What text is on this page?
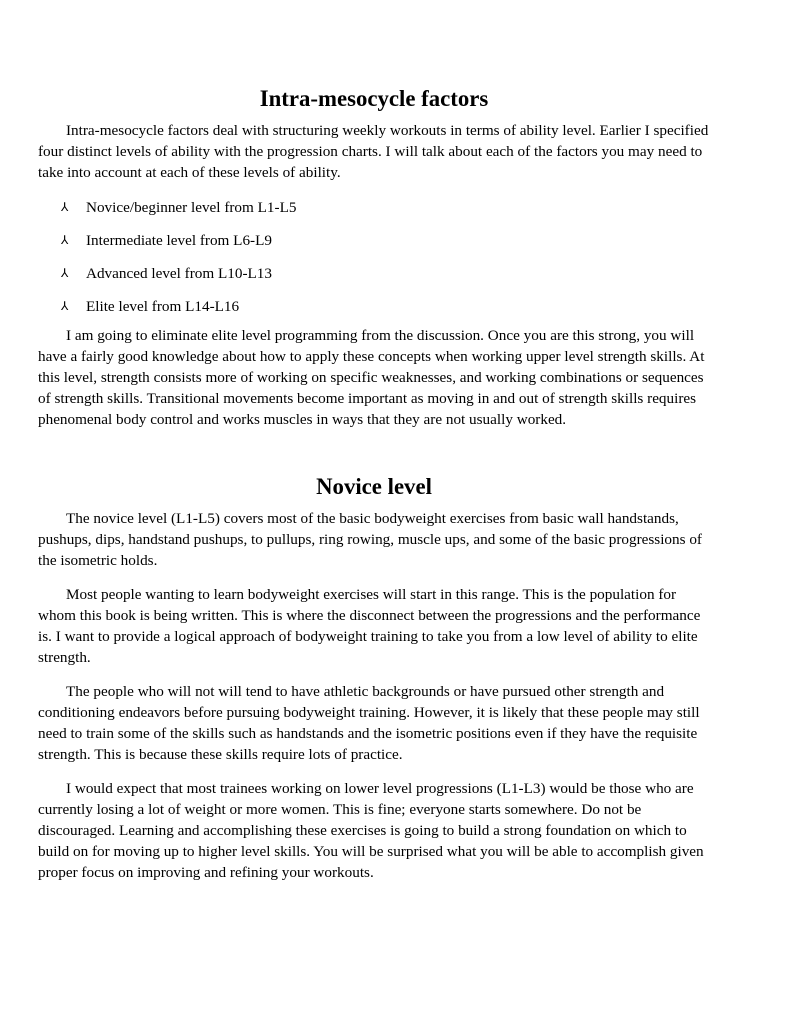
Intra-mesocycle factors

Intra-mesocycle factors deal with structuring weekly workouts in terms of ability level. Earlier I specified four distinct levels of ability with the progression charts. I will talk about each of the factors you may need to take into account at each of these levels of ability.

⅄ Novice/beginner level from L1-L5
⅄ Intermediate level from L6-L9
⅄ Advanced level from L10-L13
⅄ Elite level from L14-L16

I am going to eliminate elite level programming from the discussion. Once you are this strong, you will have a fairly good knowledge about how to apply these concepts when working upper level strength skills. At this level, strength consists more of working on specific weaknesses, and working combinations or sequences of strength skills. Transitional movements become important as moving in and out of strength skills requires phenomenal body control and works muscles in ways that they are not usually worked.

Novice level

The novice level (L1-L5) covers most of the basic bodyweight exercises from basic wall handstands, pushups, dips, handstand pushups, to pullups, ring rowing, muscle ups, and some of the basic progressions of the isometric holds.

Most people wanting to learn bodyweight exercises will start in this range. This is the population for whom this book is being written. This is where the disconnect between the progressions and the performance is. I want to provide a logical approach of bodyweight training to take you from a low level of ability to elite strength.

The people who will not will tend to have athletic backgrounds or have pursued other strength and conditioning endeavors before pursuing bodyweight training. However, it is likely that these people may still need to train some of the skills such as handstands and the isometric positions even if they have the requisite strength. This is because these skills require lots of practice.

I would expect that most trainees working on lower level progressions (L1-L3) would be those who are currently losing a lot of weight or more women. This is fine; everyone starts somewhere. Do not be discouraged. Learning and accomplishing these exercises is going to build a strong foundation on which to build on for moving up to higher level skills. You will be surprised what you will be able to accomplish given proper focus on improving and refining your workouts.
